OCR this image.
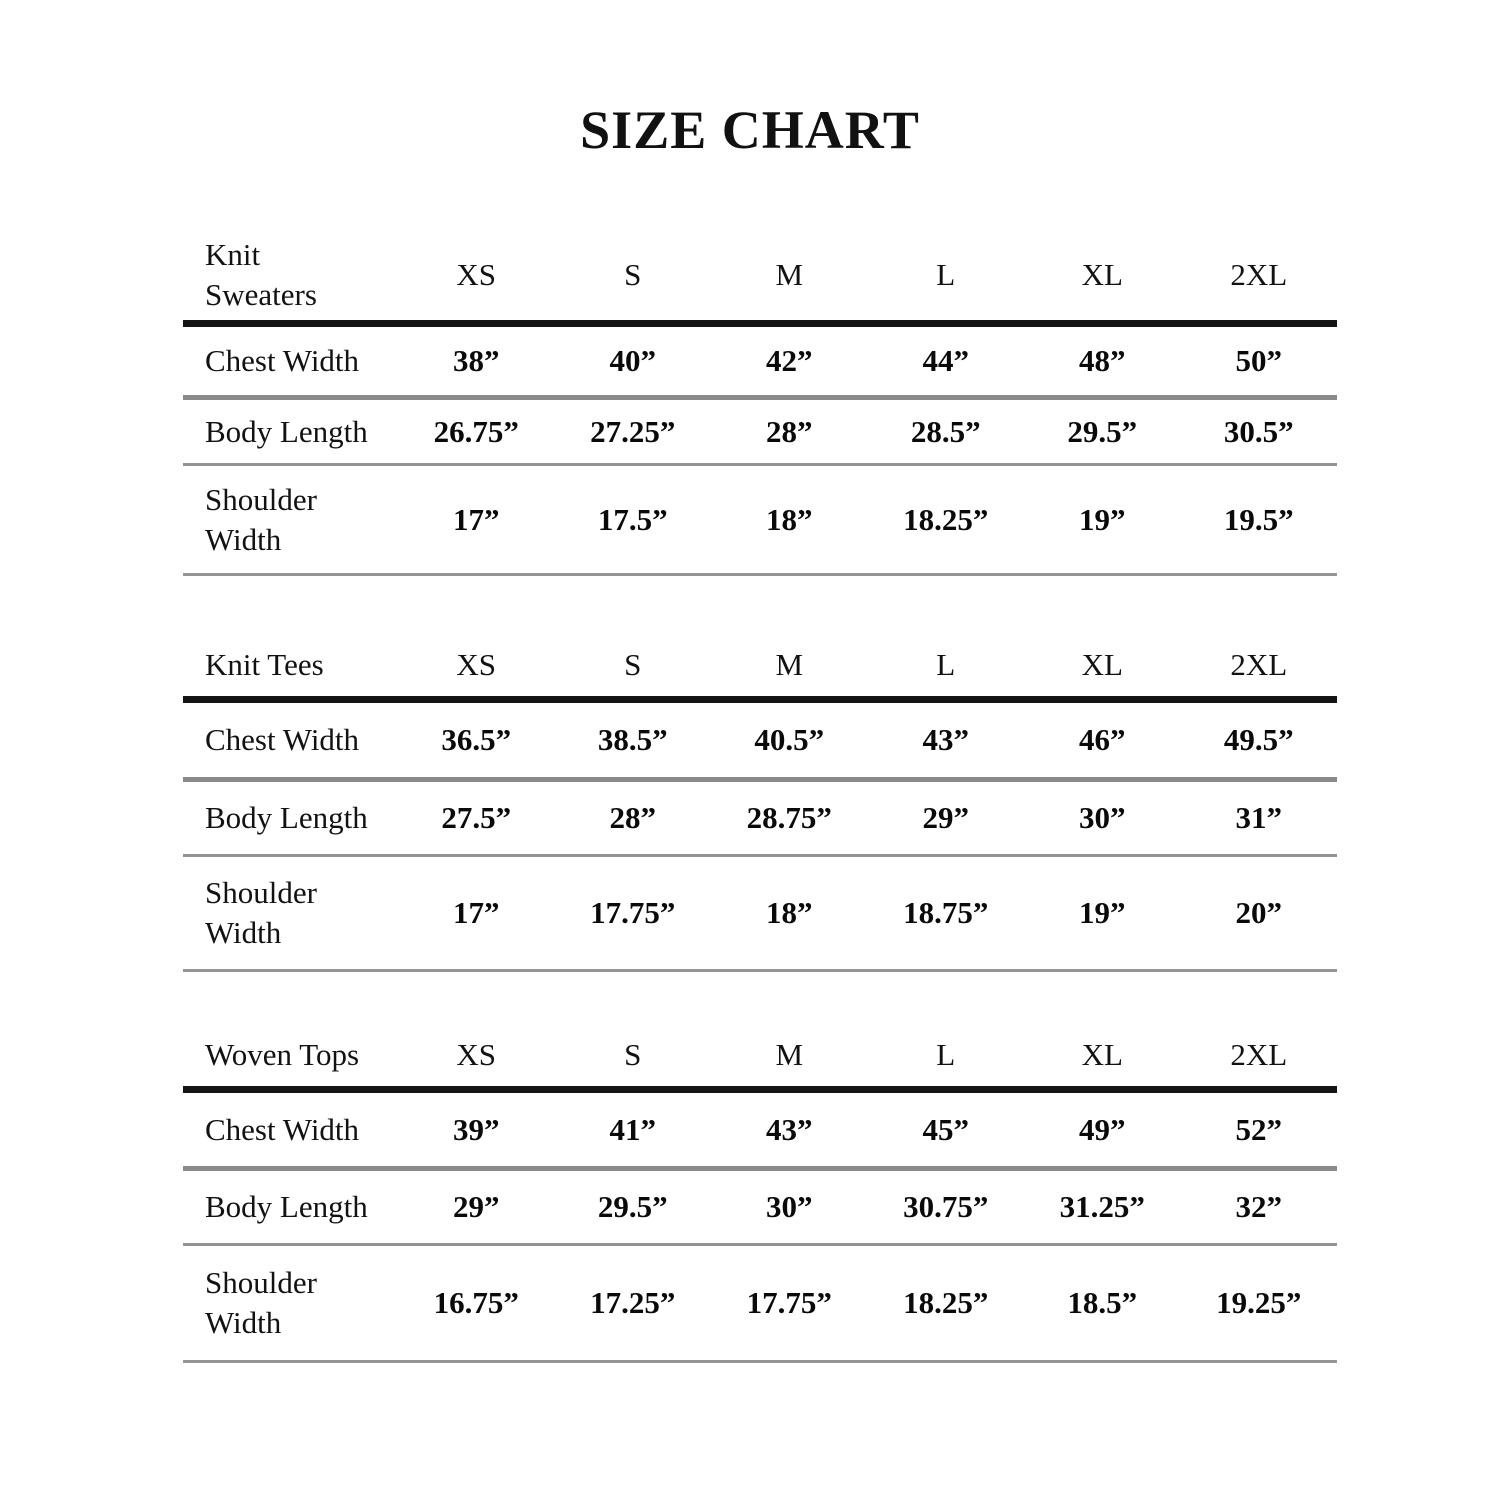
SIZE CHART
Knit Sweaters	XS	S	M	L	XL	2XL
Chest Width	38”	40”	42”	44”	48”	50”
Body Length	26.75”	27.25”	28”	28.5”	29.5”	30.5”
Shoulder Width	17”	17.5”	18”	18.25”	19”	19.5”
Knit Tees	XS	S	M	L	XL	2XL
Chest Width	36.5”	38.5”	40.5”	43”	46”	49.5”
Body Length	27.5”	28”	28.75”	29”	30”	31”
Shoulder Width	17”	17.75”	18”	18.75”	19”	20”
Woven Tops	XS	S	M	L	XL	2XL
Chest Width	39”	41”	43”	45”	49”	52”
Body Length	29”	29.5”	30”	30.75”	31.25”	32”
Shoulder Width	16.75”	17.25”	17.75”	18.25”	18.5”	19.25”
